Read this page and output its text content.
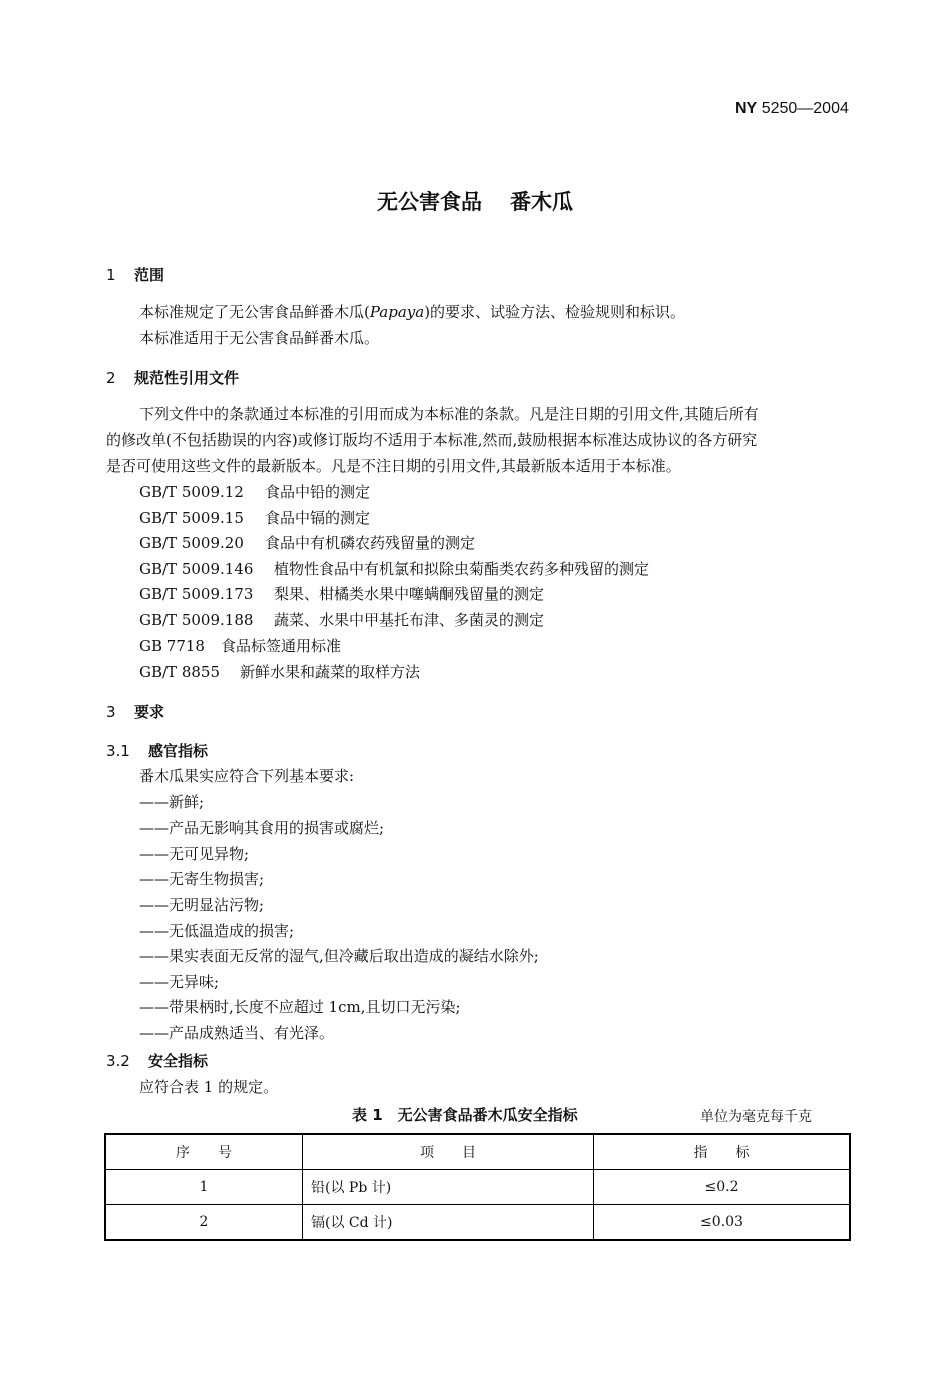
NY 5250—2004
无公害食品 番木瓜
1 范围
本标准规定了无公害食品鲜番木瓜(Papaya)的要求、试验方法、检验规则和标识。
本标准适用于无公害食品鲜番木瓜。
2 规范性引用文件
下列文件中的条款通过本标准的引用而成为本标准的条款。凡是注日期的引用文件,其随后所有
的修改单(不包括勘误的内容)或修订版均不适用于本标准,然而,鼓励根据本标准达成协议的各方研究
是否可使用这些文件的最新版本。凡是不注日期的引用文件,其最新版本适用于本标准。
GB/T 5009.12 食品中铅的测定
GB/T 5009.15 食品中镉的测定
GB/T 5009.20 食品中有机磷农药残留量的测定
GB/T 5009.146 植物性食品中有机氯和拟除虫菊酯类农药多种残留的测定
GB/T 5009.173 梨果、柑橘类水果中噻螨酮残留量的测定
GB/T 5009.188 蔬菜、水果中甲基托布津、多菌灵的测定
GB 7718 食品标签通用标准
GB/T 8855 新鲜水果和蔬菜的取样方法
3 要求
3.1 感官指标
番木瓜果实应符合下列基本要求:
——新鲜;
——产品无影响其食用的损害或腐烂;
——无可见异物;
——无寄生物损害;
——无明显沾污物;
——无低温造成的损害;
——果实表面无反常的湿气,但冷藏后取出造成的凝结水除外;
——无异味;
——带果柄时,长度不应超过 1cm,且切口无污染;
——产品成熟适当、有光泽。
3.2 安全指标
应符合表 1 的规定。
表 1　无公害食品番木瓜安全指标	单位为毫克每千克
序　　号	项　　目	指　　标
1	铅(以 Pb 计)	≤0.2
2	镉(以 Cd 计)	≤0.03
